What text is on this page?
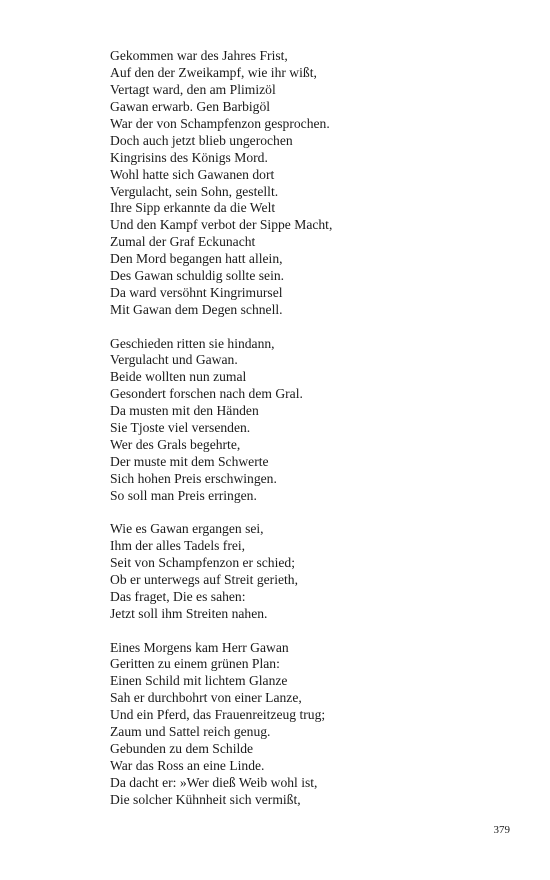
Gekommen war des Jahres Frist,
Auf den der Zweikampf, wie ihr wißt,
Vertagt ward, den am Plimizöl
Gawan erwarb. Gen Barbigöl
War der von Schampfenzon gesprochen.
Doch auch jetzt blieb ungerochen
Kingrisins des Königs Mord.
Wohl hatte sich Gawanen dort
Vergulacht, sein Sohn, gestellt.
Ihre Sipp erkannte da die Welt
Und den Kampf verbot der Sippe Macht,
Zumal der Graf Eckunacht
Den Mord begangen hatt allein,
Des Gawan schuldig sollte sein.
Da ward versöhnt Kingrimursel
Mit Gawan dem Degen schnell.
Geschieden ritten sie hindann,
Vergulacht und Gawan.
Beide wollten nun zumal
Gesondert forschen nach dem Gral.
Da musten mit den Händen
Sie Tjoste viel versenden.
Wer des Grals begehrte,
Der muste mit dem Schwerte
Sich hohen Preis erschwingen.
So soll man Preis erringen.
Wie es Gawan ergangen sei,
Ihm der alles Tadels frei,
Seit von Schampfenzon er schied;
Ob er unterwegs auf Streit gerieth,
Das fraget, Die es sahen:
Jetzt soll ihm Streiten nahen.
Eines Morgens kam Herr Gawan
Geritten zu einem grünen Plan:
Einen Schild mit lichtem Glanze
Sah er durchbohrt von einer Lanze,
Und ein Pferd, das Frauenreitzeug trug;
Zaum und Sattel reich genug.
Gebunden zu dem Schilde
War das Ross an eine Linde.
Da dacht er: »Wer dieß Weib wohl ist,
Die solcher Kühnheit sich vermißt,
379
